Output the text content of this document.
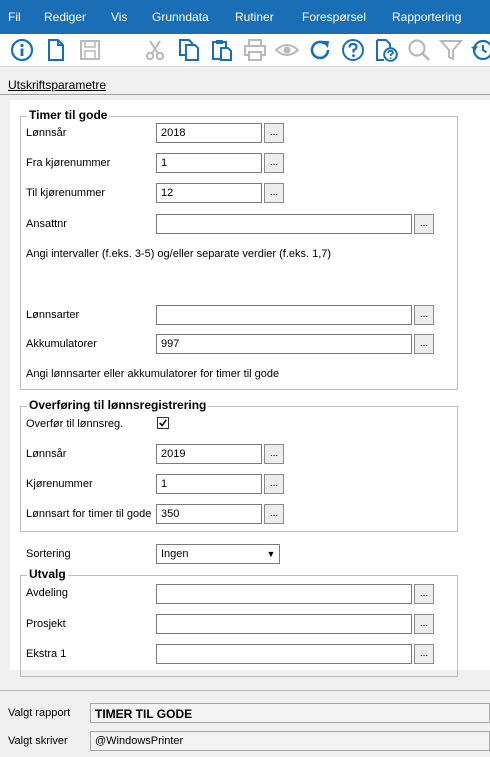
Fil Rediger Vis Grunndata Rutiner Forespørsel Rapportering
Utskriftsparametre
Timer til gode
Lønnsår	2018	...
Fra kjørenummer	1	...
Til kjørenummer	12	...
Ansattnr	...
Angi intervaller (f.eks. 3-5) og/eller separate verdier (f.eks. 1,7)
Lønnsarter	...
Akkumulatorer	997	...
Angi lønnsarter eller akkumulatorer for timer til gode
Overføring til lønnsregistrering
Overfør til lønnsreg.
Lønnsår	2019	...
Kjørenummer	1	...
Lønnsart for timer til gode 350	...
Sortering	Ingen	▼
Utvalg
Avdeling	...
Prosjekt	...
Ekstra 1	...
Valgt rapport	TIMER TIL GODE
Valgt skriver	@WindowsPrinter
